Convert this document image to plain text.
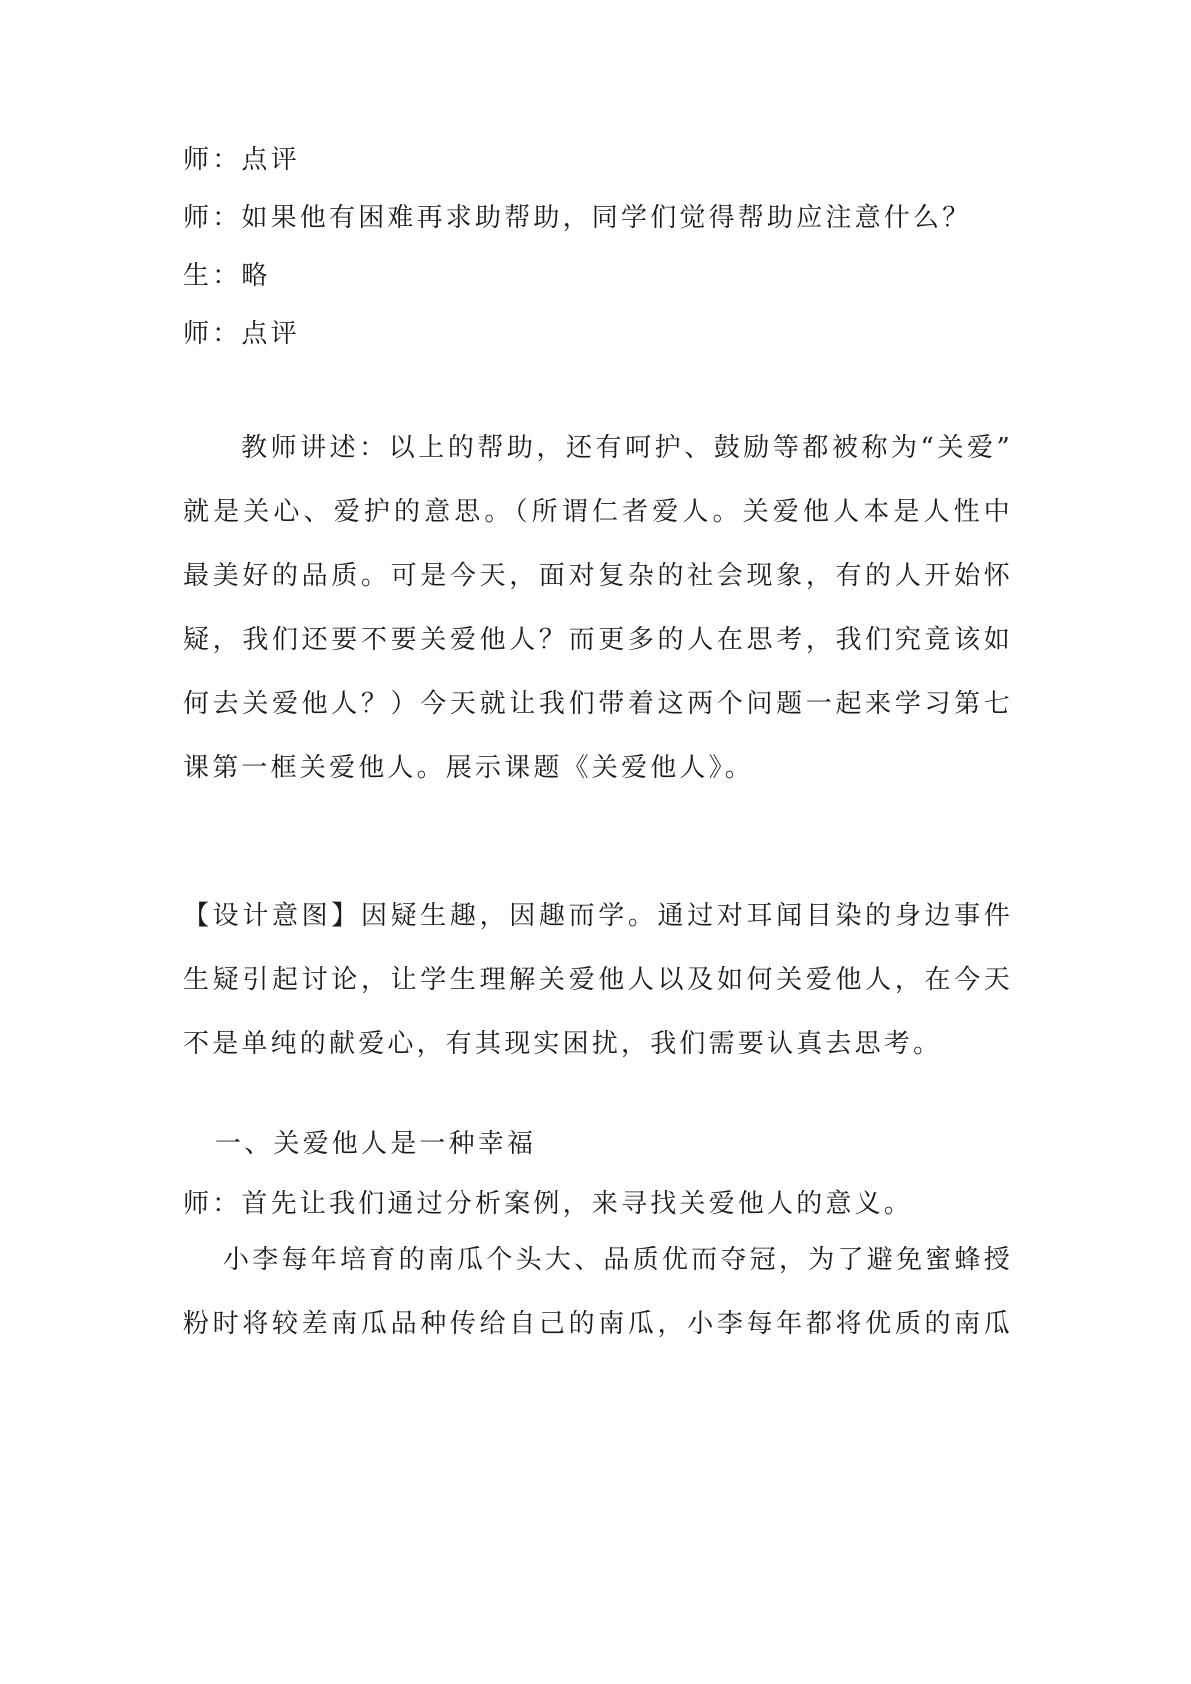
师：点评
师：如果他有困难再求助帮助，同学们觉得帮助应注意什么？
生：略
师：点评
教师讲述：以上的帮助，还有呵护、鼓励等都被称为“关爱”
就是关心、爱护的意思。（所谓仁者爱人。关爱他人本是人性中
最美好的品质。可是今天，面对复杂的社会现象，有的人开始怀
疑，我们还要不要关爱他人？而更多的人在思考，我们究竟该如
何去关爱他人？）今天就让我们带着这两个问题一起来学习第七
课第一框关爱他人。展示课题《关爱他人》。
【设计意图】因疑生趣，因趣而学。通过对耳闻目染的身边事件
生疑引起讨论，让学生理解关爱他人以及如何关爱他人，在今天
不是单纯的献爱心，有其现实困扰，我们需要认真去思考。
一、关爱他人是一种幸福
师：首先让我们通过分析案例，来寻找关爱他人的意义。
小李每年培育的南瓜个头大、品质优而夺冠，为了避免蜜蜂授
粉时将较差南瓜品种传给自己的南瓜，小李每年都将优质的南瓜
